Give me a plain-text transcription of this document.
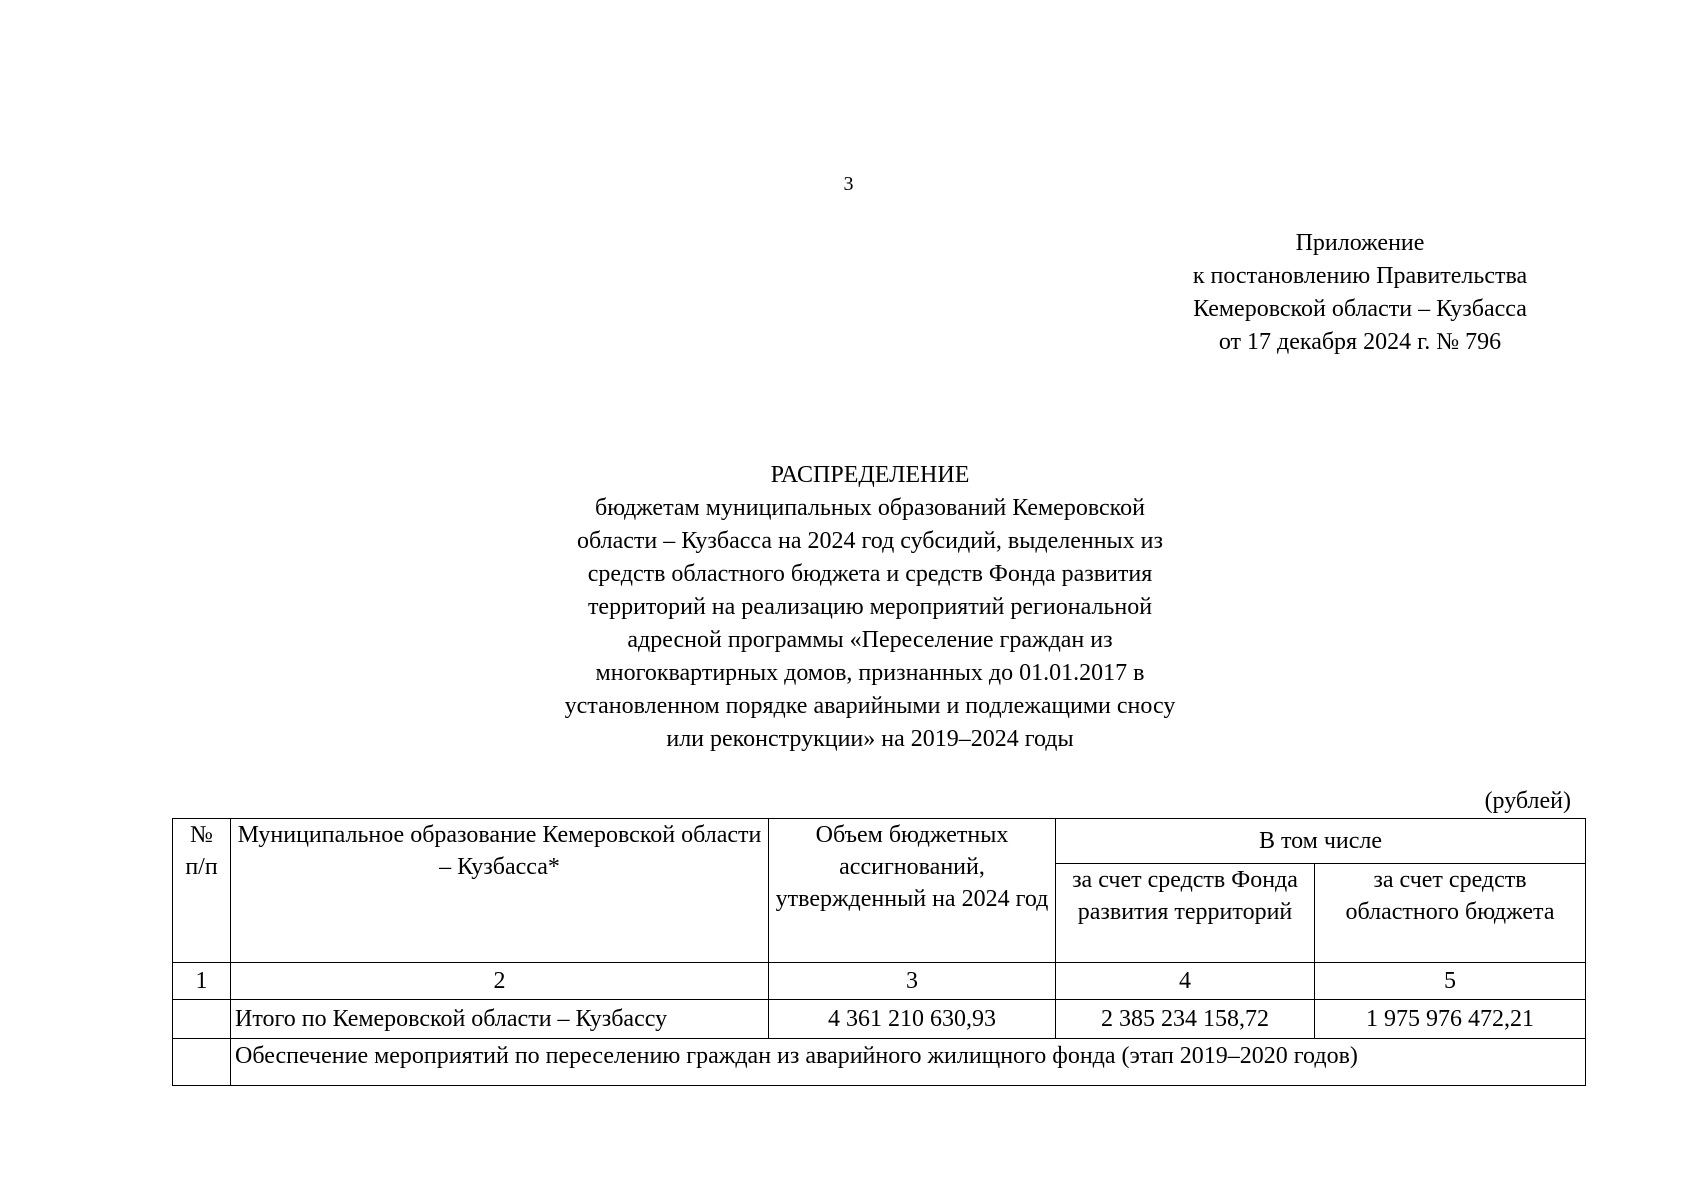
3
Приложение
к постановлению Правительства
Кемеровской области – Кузбасса
от 17 декабря 2024 г. № 796
РАСПРЕДЕЛЕНИЕ
бюджетам муниципальных образований Кемеровской
области – Кузбасса на 2024 год субсидий, выделенных из
средств областного бюджета и средств Фонда развития
территорий на реализацию мероприятий региональной
адресной программы «Переселение граждан из
многоквартирных домов, признанных до 01.01.2017 в
установленном порядке аварийными и подлежащими сносу
или реконструкции» на 2019–2024 годы
(рублей)
№
п/п	Муниципальное образование Кемеровской области – Кузбасса*	Объем бюджетных ассигнований, утвержденный на 2024 год	В том числе	
			за счет средств Фонда развития территорий	за счет средств областного бюджета
1	2	3	4	5
	Итого по Кемеровской области – Кузбассу	4 361 210 630,93	2 385 234 158,72	1 975 976 472,21
	Обеспечение мероприятий по переселению граждан из аварийного жилищного фонда (этап 2019–2020 годов)			
